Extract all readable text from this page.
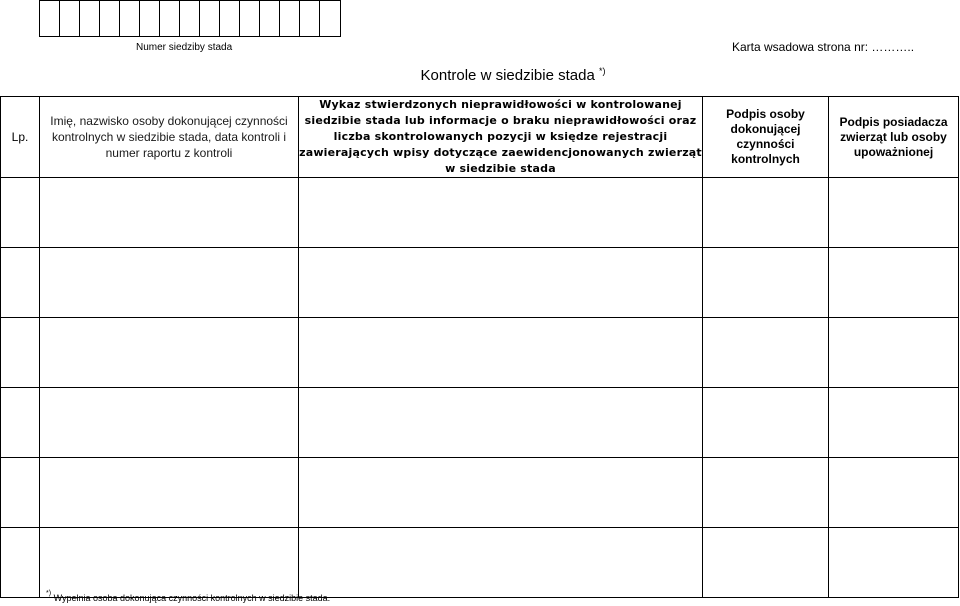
Numer siedziby stada	Karta wsadowa strona nr: ………..
Kontrole w siedzibie stada *)
Lp.	Imię, nazwisko osoby dokonującej czynności kontrolnych w siedzibie stada, data kontroli i numer raportu z kontroli	Wykaz stwierdzonych nieprawidłowości w kontrolowanej siedzibie stada lub informacje o braku nieprawidłowości oraz liczba skontrolowanych pozycji w księdze rejestracji zawierających wpisy dotyczące zaewidencjonowanych zwierząt w siedzibie stada	Podpis osoby dokonującej czynności kontrolnych	Podpis posiadacza zwierząt lub osoby upoważnionej

*) Wypełnia osoba dokonująca czynności kontrolnych w siedzibie stada.
